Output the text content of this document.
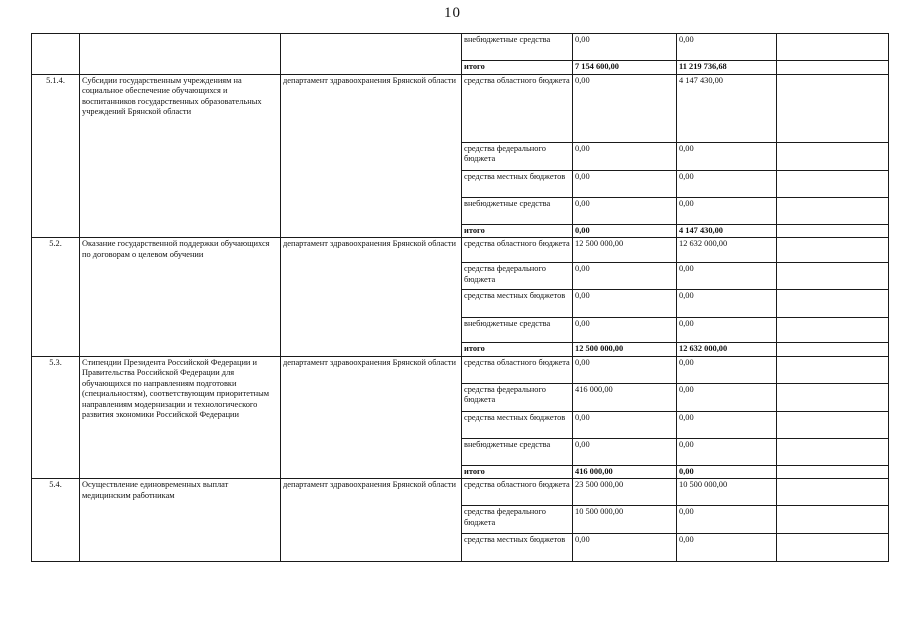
10
			внебюджетные средства	0,00	0,00	
			итого	7 154 600,00	11 219 736,68	
5.1.4.	Субсидии государственным учреждениям на социальное обеспечение обучающихся и воспитанников государственных образовательных учреждений Брянской области	департамент здравоохранения Брянской области	средства областного бюджета	0,00	4 147 430,00	
			средства федерального бюджета	0,00	0,00	
			средства местных бюджетов	0,00	0,00	
			внебюджетные средства	0,00	0,00	
			итого	0,00	4 147 430,00	
5.2.	Оказание государственной поддержки обучающихся по договорам о целевом обучении	департамент здравоохранения Брянской области	средства областного бюджета	12 500 000,00	12 632 000,00	
			средства федерального бюджета	0,00	0,00	
			средства местных бюджетов	0,00	0,00	
			внебюджетные средства	0,00	0,00	
			итого	12 500 000,00	12 632 000,00	
5.3.	Стипендии Президента Российской Федерации и Правительства Российской Федерации для обучающихся по направлениям подготовки (специальностям), соответствующим приоритетным направлениям модернизации и технологического развития экономики Российской Федерации	департамент здравоохранения Брянской области	средства областного бюджета	0,00	0,00	
			средства федерального бюджета	416 000,00	0,00	
			средства местных бюджетов	0,00	0,00	
			внебюджетные средства	0,00	0,00	
			итого	416 000,00	0,00	
5.4.	Осуществление единовременных выплат медицинским работникам	департамент здравоохранения Брянской области	средства областного бюджета	23 500 000,00	10 500 000,00	
			средства федерального бюджета	10 500 000,00	0,00	
			средства местных бюджетов	0,00	0,00	
